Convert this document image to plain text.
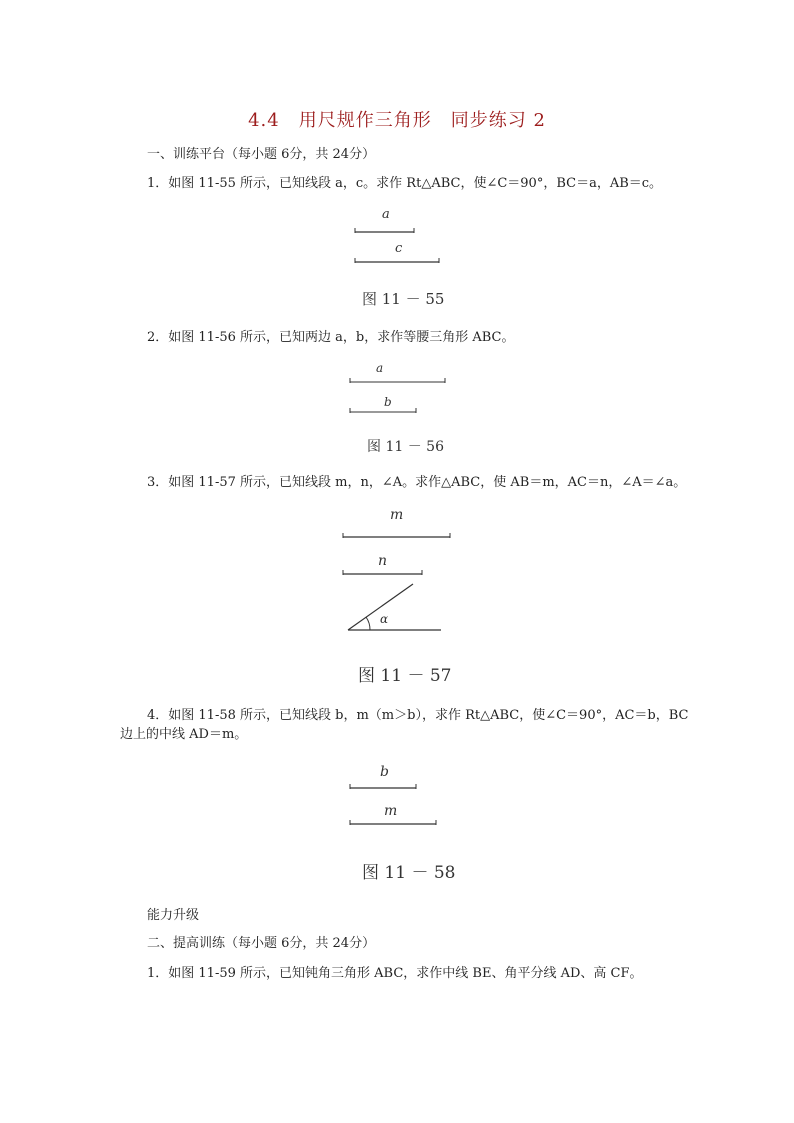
4.4　用尺规作三角形　同步练习 2
一、训练平台（每小题 6分，共 24分）
1．如图 11-55 所示，已知线段 a，c。求作 Rt△ABC，使∠C＝90°，BC＝a，AB＝c。
a
c
图 11 － 55
2．如图 11-56 所示，已知两边 a，b，求作等腰三角形 ABC。
a
b
图 11 － 56
3．如图 11-57 所示，已知线段 m，n，∠A。求作△ABC，使 AB＝m，AC＝n，∠A＝∠a。
m
n
α
图 11 － 57
4．如图 11-58 所示，已知线段 b，m（m＞b），求作 Rt△ABC，使∠C＝90°，AC＝b，BC
边上的中线 AD＝m。
b
m
图 11 － 58
能力升级
二、提高训练（每小题 6分，共 24分）
1．如图 11-59 所示，已知钝角三角形 ABC，求作中线 BE、角平分线 AD、高 CF。
